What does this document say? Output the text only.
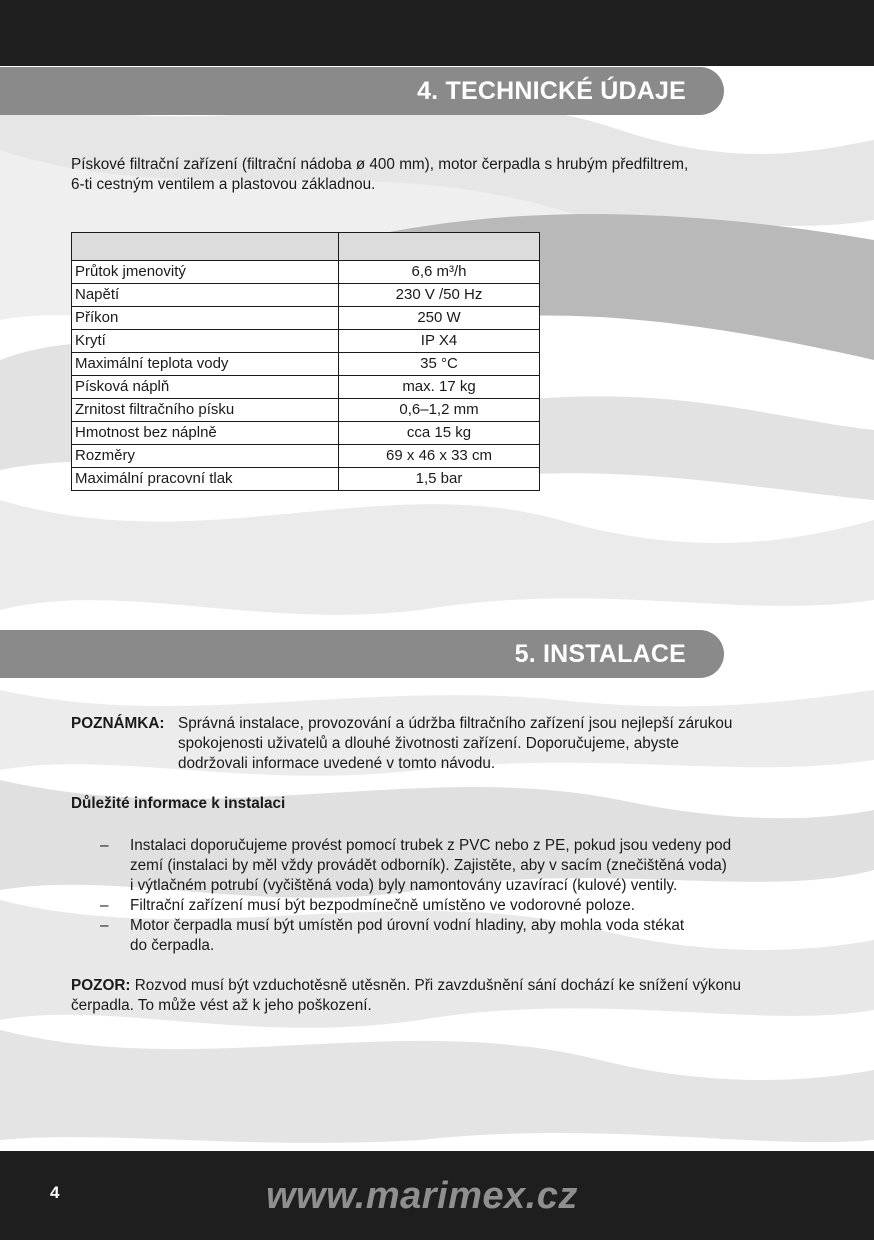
4. TECHNICKÉ ÚDAJE
Pískové filtrační zařízení (filtrační nádoba ø 400 mm), motor čerpadla s hrubým předfiltrem,
6-ti cestným ventilem a plastovou základnou.

Průtok jmenovitý	6,6 m³/h
Napětí	230 V /50 Hz
Příkon	250 W
Krytí	IP X4
Maximální teplota vody	35 °C
Písková náplň	max. 17 kg
Zrnitost filtračního písku	0,6–1,2 mm
Hmotnost bez náplně	cca 15 kg
Rozměry	69 x 46 x 33 cm
Maximální pracovní tlak	1,5 bar
5. INSTALACE
POZNÁMKA: Správná instalace, provozování a údržba filtračního zařízení jsou nejlepší zárukou
spokojenosti uživatelů a dlouhé životnosti zařízení. Doporučujeme, abyste
dodržovali informace uvedené v tomto návodu.
Důležité informace k instalaci
– Instalaci doporučujeme provést pomocí trubek z PVC nebo z PE, pokud jsou vedeny pod
zemí (instalaci by měl vždy provádět odborník). Zajistěte, aby v sacím (znečištěná voda)
i výtlačném potrubí (vyčištěná voda) byly namontovány uzavírací (kulové) ventily.
– Filtrační zařízení musí být bezpodmínečně umístěno ve vodorovné poloze.
– Motor čerpadla musí být umístěn pod úrovní vodní hladiny, aby mohla voda stékat
do čerpadla.
POZOR: Rozvod musí být vzduchotěsně utěsněn. Při zavzdušnění sání dochází ke snížení výkonu
čerpadla. To může vést až k jeho poškození.
4	www.marimex.cz
